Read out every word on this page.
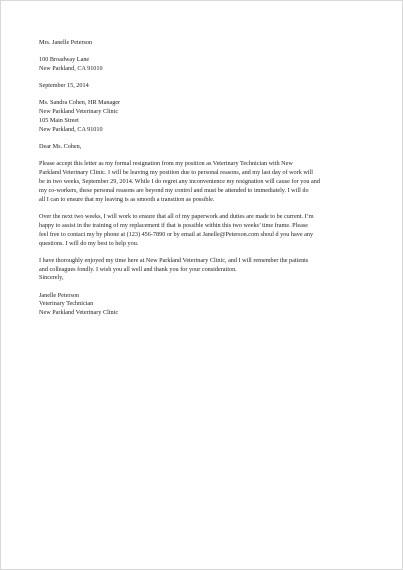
Mrs. Janelle Peterson
100 Broadway Lane
New Parkland, CA 91010
September 15, 2014
Ms. Sandra Cohen, HR Manager
New Parkland Veterinary Clinic
105 Main Street
New Parkland, CA 91010
Dear Ms. Cohen,
Please accept this letter as my formal resignation from my position as Veterinary Technician with New
Parkland Veterinary Clinic. I will be leaving my position due to personal reasons, and my last day of work will
be in two weeks, September 29, 2014. While I do regret any inconvenience my resignation will cause for you and
my co-workers, these personal reasons are beyond my control and must be attended to immediately. I will do
all I can to ensure that my leaving is as smooth a transition as possible.
Over the next two weeks, I will work to ensure that all of my paperwork and duties are made to be current. I’m
happy to assist in the training of my replacement if that is possible within this two weeks’ time frame. Please
feel free to contact my by phone at (123) 456-7890 or by email at Janelle@Peterson.com shoul d you have any
questions. I will do my best to help you.
I have thoroughly enjoyed my time here at New Parkland Veterinary Clinic, and I will remember the patients
and colleagues fondly. I wish you all well and thank you for your consideration.
Sincerely,
Janelle Peterson
Veterinary Technician
New Parkland Veterinary Clinic
